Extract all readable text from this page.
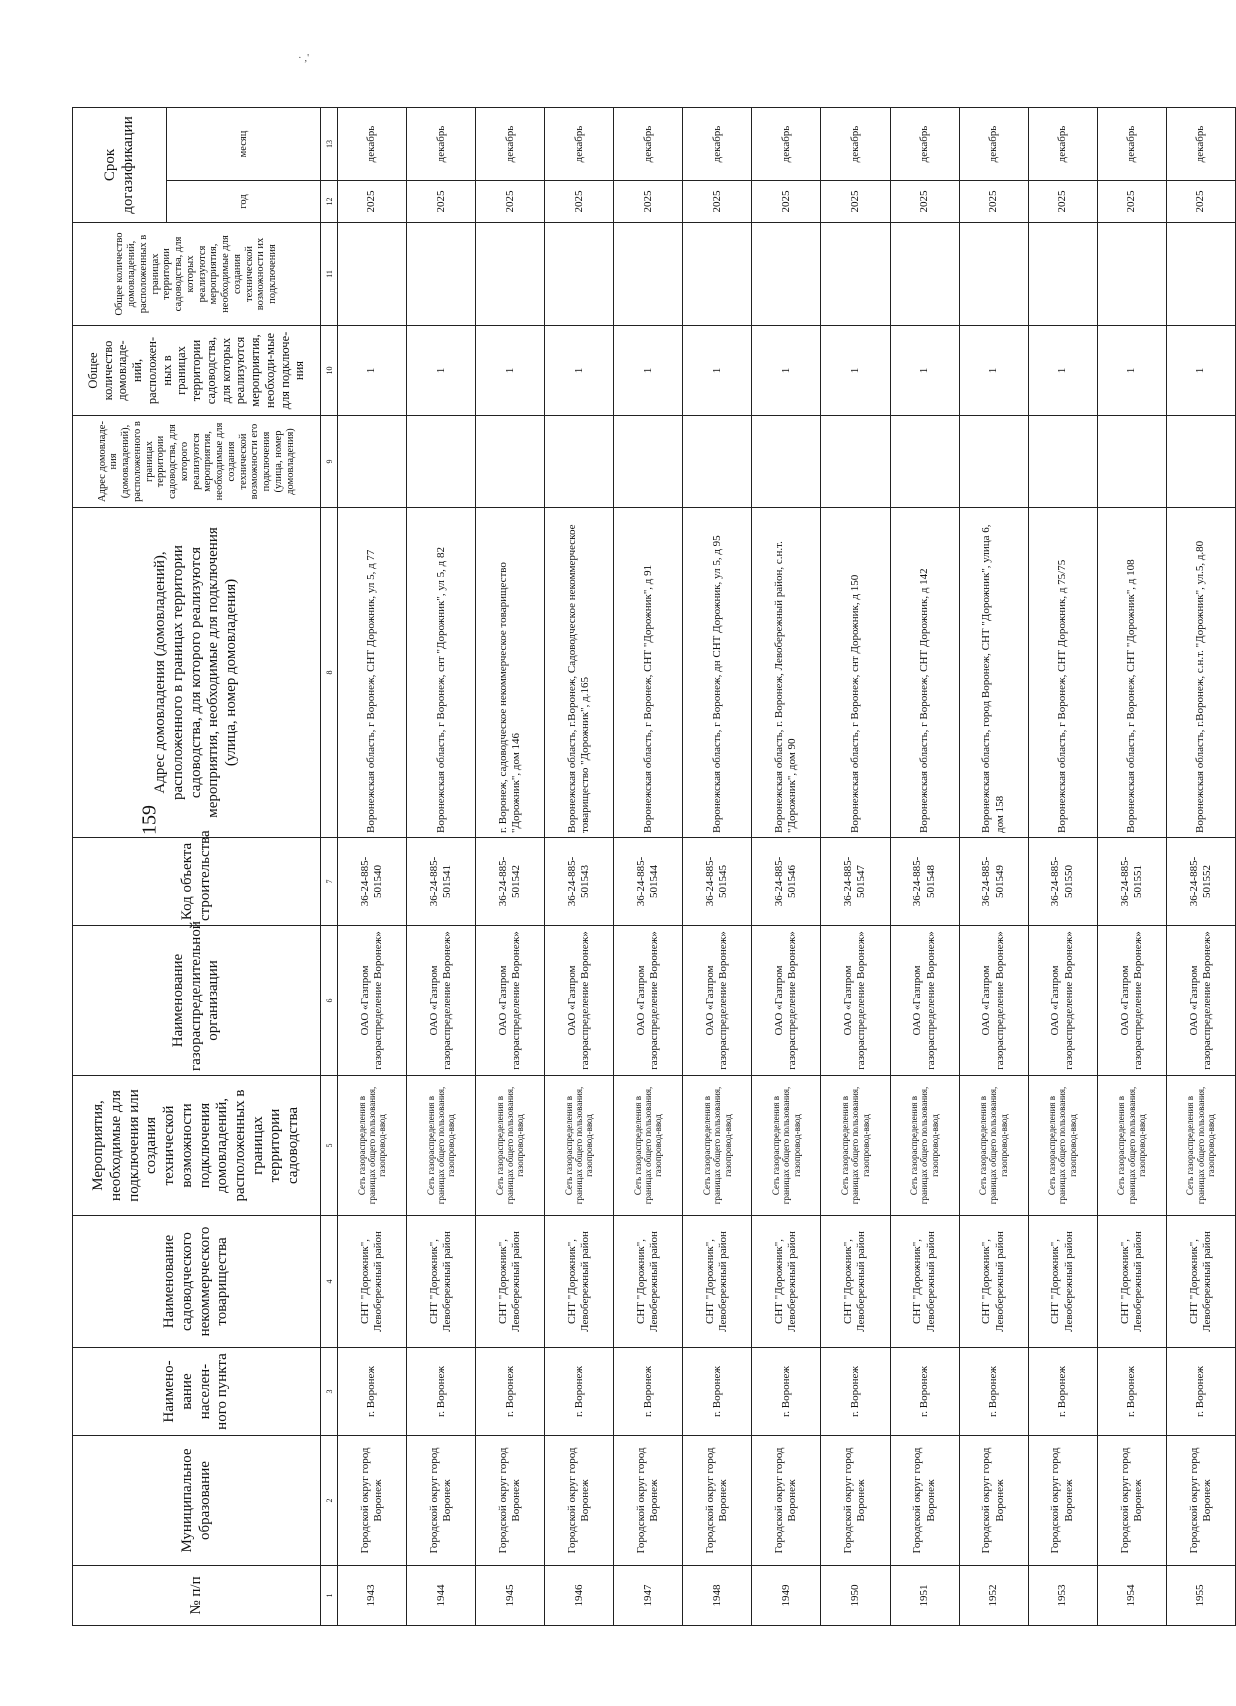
159
· ,'
№ п/п	Муниципальное образование	Наимено-вание населен-ного пункта	Наименование садоводческого некоммерческого товарищества	Мероприятия, необходимые для подключения или создания технической возможности подключения домовладений, расположенных в границах территории садоводства	Наименование газораспределительной организации	Код объекта строительства	Адрес домовладения (домовладений), расположенного в границах территории садоводства, для которого реализуются мероприятия, необходимые для подключения (улица, номер домовладения)	Адрес домовладе-ния (домовладений), расположенного в границах территории садоводства, для которого реализуются мероприятия, необходимые для создания технической возможности его подключения (улица, номер домовладения)	Общее количество домовладе-ний, расположен-ных в границах территории садоводства, для которых реализуются мероприятия, необходи-мые для подключе-ния	Общее количество домовладений, расположенных в границах территории садоводства, для которых реализуются мероприятия, необходимые для создания технической возможности их подключения	Срок догазификации	
											год	месяц
1	2	3	4	5	6	7	8	9	10	11	12	13
1943	Городской округ город Воронеж	г. Воронеж	СНТ "Дорожник", Левобережный район	Сеть газораспределения в границах общего пользования, газопровод-ввод	ОАО «Газпром газораспределение Воронеж»	36-24-885-501540	Воронежская область, г Воронеж, СНТ Дорожник, ул 5, д 77		1		2025	декабрь
1944	Городской округ город Воронеж	г. Воронеж	СНТ "Дорожник", Левобережный район	Сеть газораспределения в границах общего пользования, газопровод-ввод	ОАО «Газпром газораспределение Воронеж»	36-24-885-501541	Воронежская область, г Воронеж, снт "Дорожник", ул 5, д 82		1		2025	декабрь
1945	Городской округ город Воронеж	г. Воронеж	СНТ "Дорожник", Левобережный район	Сеть газораспределения в границах общего пользования, газопровод-ввод	ОАО «Газпром газораспределение Воронеж»	36-24-885-501542	г. Воронеж, садоводческое некоммерческое товарищество "Дорожник", дом 146		1		2025	декабрь
1946	Городской округ город Воронеж	г. Воронеж	СНТ "Дорожник", Левобережный район	Сеть газораспределения в границах общего пользования, газопровод-ввод	ОАО «Газпром газораспределение Воронеж»	36-24-885-501543	Воронежская область, г.Воронеж, Садоводческое некоммерческое товарищество "Дорожник", д.165		1		2025	декабрь
1947	Городской округ город Воронеж	г. Воронеж	СНТ "Дорожник", Левобережный район	Сеть газораспределения в границах общего пользования, газопровод-ввод	ОАО «Газпром газораспределение Воронеж»	36-24-885-501544	Воронежская область, г Воронеж, СНТ "Дорожник", д 91		1		2025	декабрь
1948	Городской округ город Воронеж	г. Воронеж	СНТ "Дорожник", Левобережный район	Сеть газораспределения в границах общего пользования, газопровод-ввод	ОАО «Газпром газораспределение Воронеж»	36-24-885-501545	Воронежская область, г Воронеж, дн СНТ Дорожник, ул 5, д 95		1		2025	декабрь
1949	Городской округ город Воронеж	г. Воронеж	СНТ "Дорожник", Левобережный район	Сеть газораспределения в границах общего пользования, газопровод-ввод	ОАО «Газпром газораспределение Воронеж»	36-24-885-501546	Воронежская область, г. Воронеж, Левобережный район, с.н.т. "Дорожник", дом 90		1		2025	декабрь
1950	Городской округ город Воронеж	г. Воронеж	СНТ "Дорожник", Левобережный район	Сеть газораспределения в границах общего пользования, газопровод-ввод	ОАО «Газпром газораспределение Воронеж»	36-24-885-501547	Воронежская область, г Воронеж, снт Дорожник, д 150		1		2025	декабрь
1951	Городской округ город Воронеж	г. Воронеж	СНТ "Дорожник", Левобережный район	Сеть газораспределения в границах общего пользования, газопровод-ввод	ОАО «Газпром газораспределение Воронеж»	36-24-885-501548	Воронежская область, г Воронеж, СНТ Дорожник, д 142		1		2025	декабрь
1952	Городской округ город Воронеж	г. Воронеж	СНТ "Дорожник", Левобережный район	Сеть газораспределения в границах общего пользования, газопровод-ввод	ОАО «Газпром газораспределение Воронеж»	36-24-885-501549	Воронежская область, город Воронеж, СНТ "Дорожник", улица 6, дом 158		1		2025	декабрь
1953	Городской округ город Воронеж	г. Воронеж	СНТ "Дорожник", Левобережный район	Сеть газораспределения в границах общего пользования, газопровод-ввод	ОАО «Газпром газораспределение Воронеж»	36-24-885-501550	Воронежская область, г Воронеж, СНТ Дорожник, д 75/75		1		2025	декабрь
1954	Городской округ город Воронеж	г. Воронеж	СНТ "Дорожник", Левобережный район	Сеть газораспределения в границах общего пользования, газопровод-ввод	ОАО «Газпром газораспределение Воронеж»	36-24-885-501551	Воронежская область, г Воронеж, СНТ "Дорожник", д 108		1		2025	декабрь
1955	Городской округ город Воронеж	г. Воронеж	СНТ "Дорожник", Левобережный район	Сеть газораспределения в границах общего пользования, газопровод-ввод	ОАО «Газпром газораспределение Воронеж»	36-24-885-501552	Воронежская область, г.Воронеж, с.н.т. "Дорожник", ул.5, д.80		1		2025	декабрь
